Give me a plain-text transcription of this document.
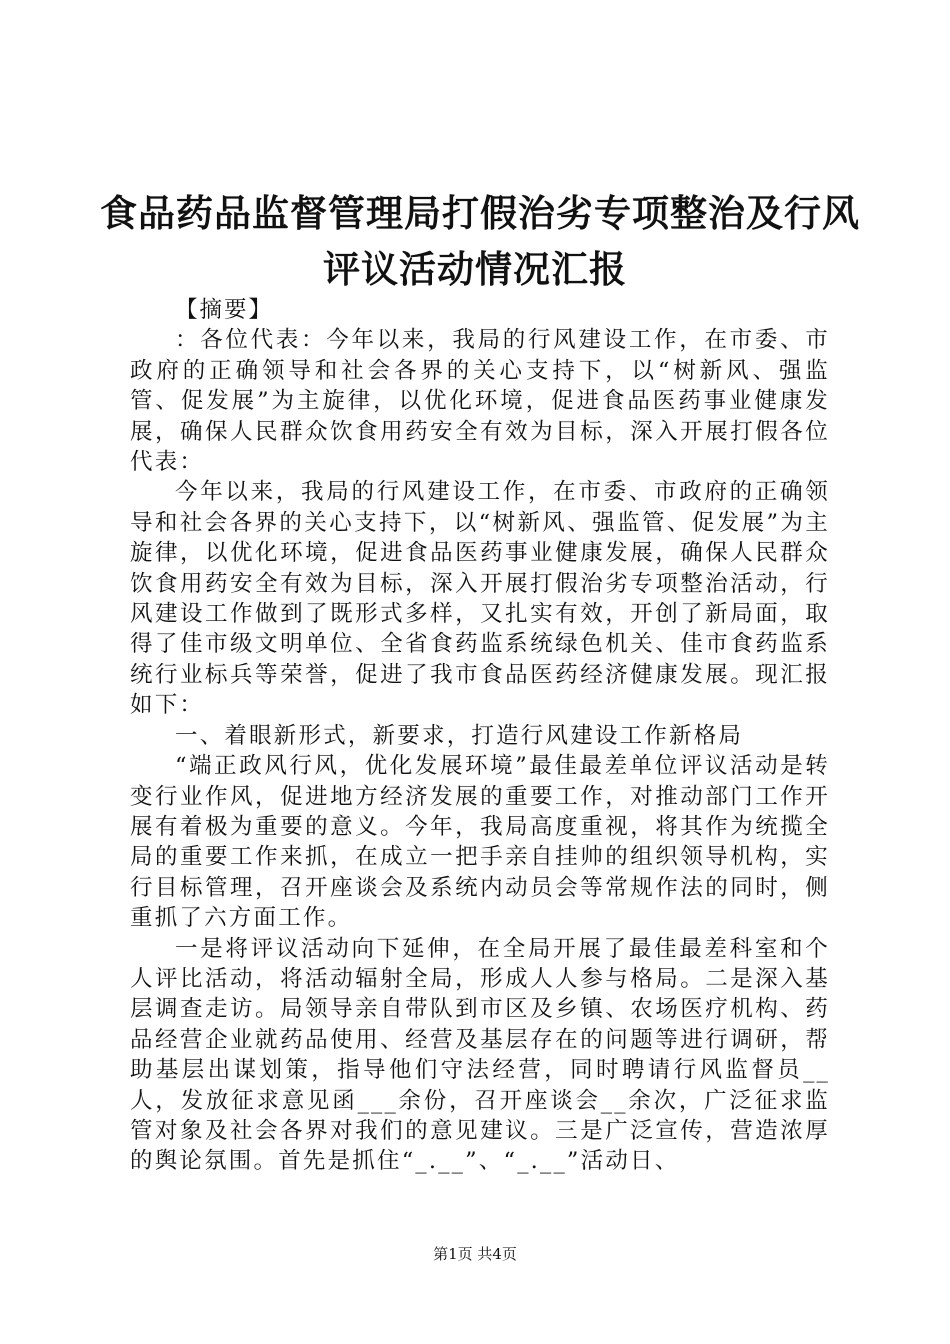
食品药品监督管理局打假治劣专项整治及行风
评议活动情况汇报

【摘要】

：各位代表：今年以来，我局的行风建设工作，在市委、市政府的正确领导和社会各界的关心支持下，以“树新风、强监管、促发展”为主旋律，以优化环境，促进食品医药事业健康发展，确保人民群众饮食用药安全有效为目标，深入开展打假各位代表：

今年以来，我局的行风建设工作，在市委、市政府的正确领导和社会各界的关心支持下，以“树新风、强监管、促发展”为主旋律，以优化环境，促进食品医药事业健康发展，确保人民群众饮食用药安全有效为目标，深入开展打假治劣专项整治活动，行风建设工作做到了既形式多样，又扎实有效，开创了新局面，取得了佳市级文明单位、全省食药监系统绿色机关、佳市食药监系统行业标兵等荣誉，促进了我市食品医药经济健康发展。现汇报如下：

一、着眼新形式，新要求，打造行风建设工作新格局

“端正政风行风，优化发展环境”最佳最差单位评议活动是转变行业作风，促进地方经济发展的重要工作，对推动部门工作开展有着极为重要的意义。今年，我局高度重视，将其作为统揽全局的重要工作来抓，在成立一把手亲自挂帅的组织领导机构，实行目标管理，召开座谈会及系统内动员会等常规作法的同时，侧重抓了六方面工作。

一是将评议活动向下延伸，在全局开展了最佳最差科室和个人评比活动，将活动辐射全局，形成人人参与格局。二是深入基层调查走访。局领导亲自带队到市区及乡镇、农场医疗机构、药品经营企业就药品使用、经营及基层存在的问题等进行调研，帮助基层出谋划策，指导他们守法经营，同时聘请行风监督员__人，发放征求意见函___余份，召开座谈会__余次，广泛征求监管对象及社会各界对我们的意见建议。三是广泛宣传，营造浓厚的舆论氛围。首先是抓住“_.__”、“_.__”活动日、

第1页 共4页
